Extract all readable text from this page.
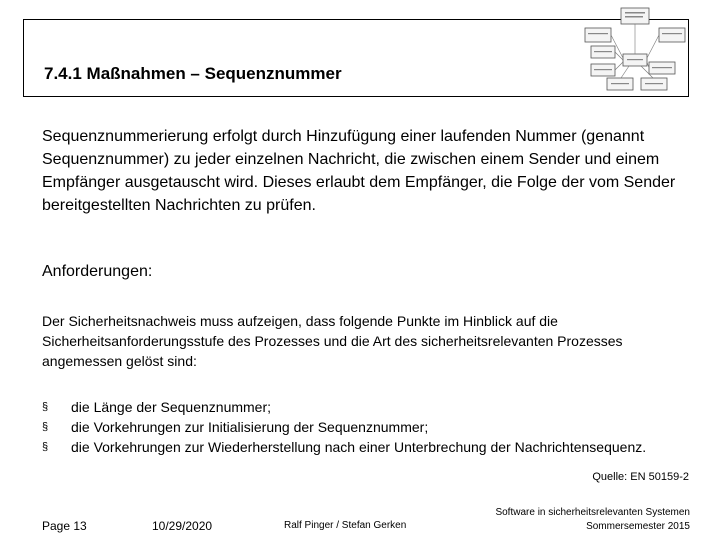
7.4.1 Maßnahmen – Sequenznummer
Sequenznummerierung erfolgt durch Hinzufügung einer laufenden Nummer (genannt Sequenznummer) zu jeder einzelnen Nachricht, die zwischen einem Sender und einem Empfänger ausgetauscht wird. Dieses erlaubt dem Empfänger, die Folge der vom Sender bereitgestellten Nachrichten zu prüfen.
Anforderungen:
Der Sicherheitsnachweis muss aufzeigen, dass folgende Punkte im Hinblick auf die Sicherheitsanforderungsstufe des Prozesses und die Art des sicherheitsrelevanten Prozesses angemessen gelöst sind:
§ die Länge der Sequenznummer;
§ die Vorkehrungen zur Initialisierung der Sequenznummer;
§ die Vorkehrungen zur Wiederherstellung nach einer Unterbrechung der Nachrichtensequenz.
Quelle: EN 50159-2
Page 13	10/29/2020	Ralf Pinger / Stefan Gerken
Software in sicherheitsrelevanten Systemen
Sommersemester 2015
